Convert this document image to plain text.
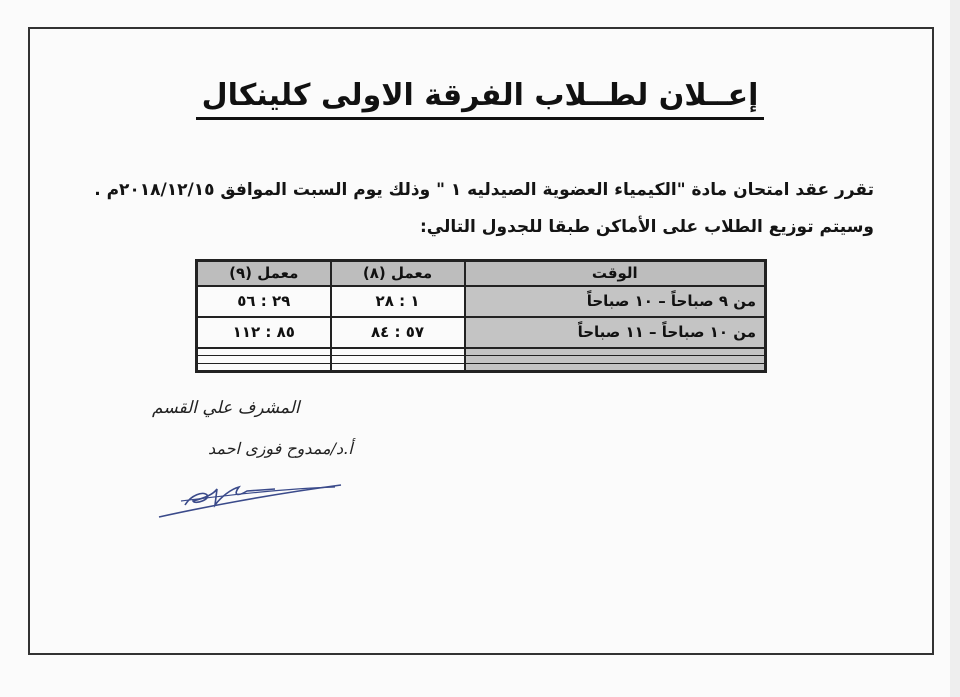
إعــلان لطــلاب الفرقة الاولى كلينكال
تقرر عقد امتحان مادة "الكيمياء العضوية الصيدليه ١ " وذلك يوم السبت الموافق ٢٠١٨/١٢/١٥م .
وسيتم توزيع الطلاب على الأماكن طبقا للجدول التالي:
الوقت	معمل (٨)	معمل (٩)
من ٩ صباحاً – ١٠ صباحاً	١ : ٢٨	٢٩ : ٥٦
من ١٠ صباحاً – ١١ صباحاً	٥٧ : ٨٤	٨٥ : ١١٢

المشرف علي القسم
أ.د/ممدوح فوزى احمد
